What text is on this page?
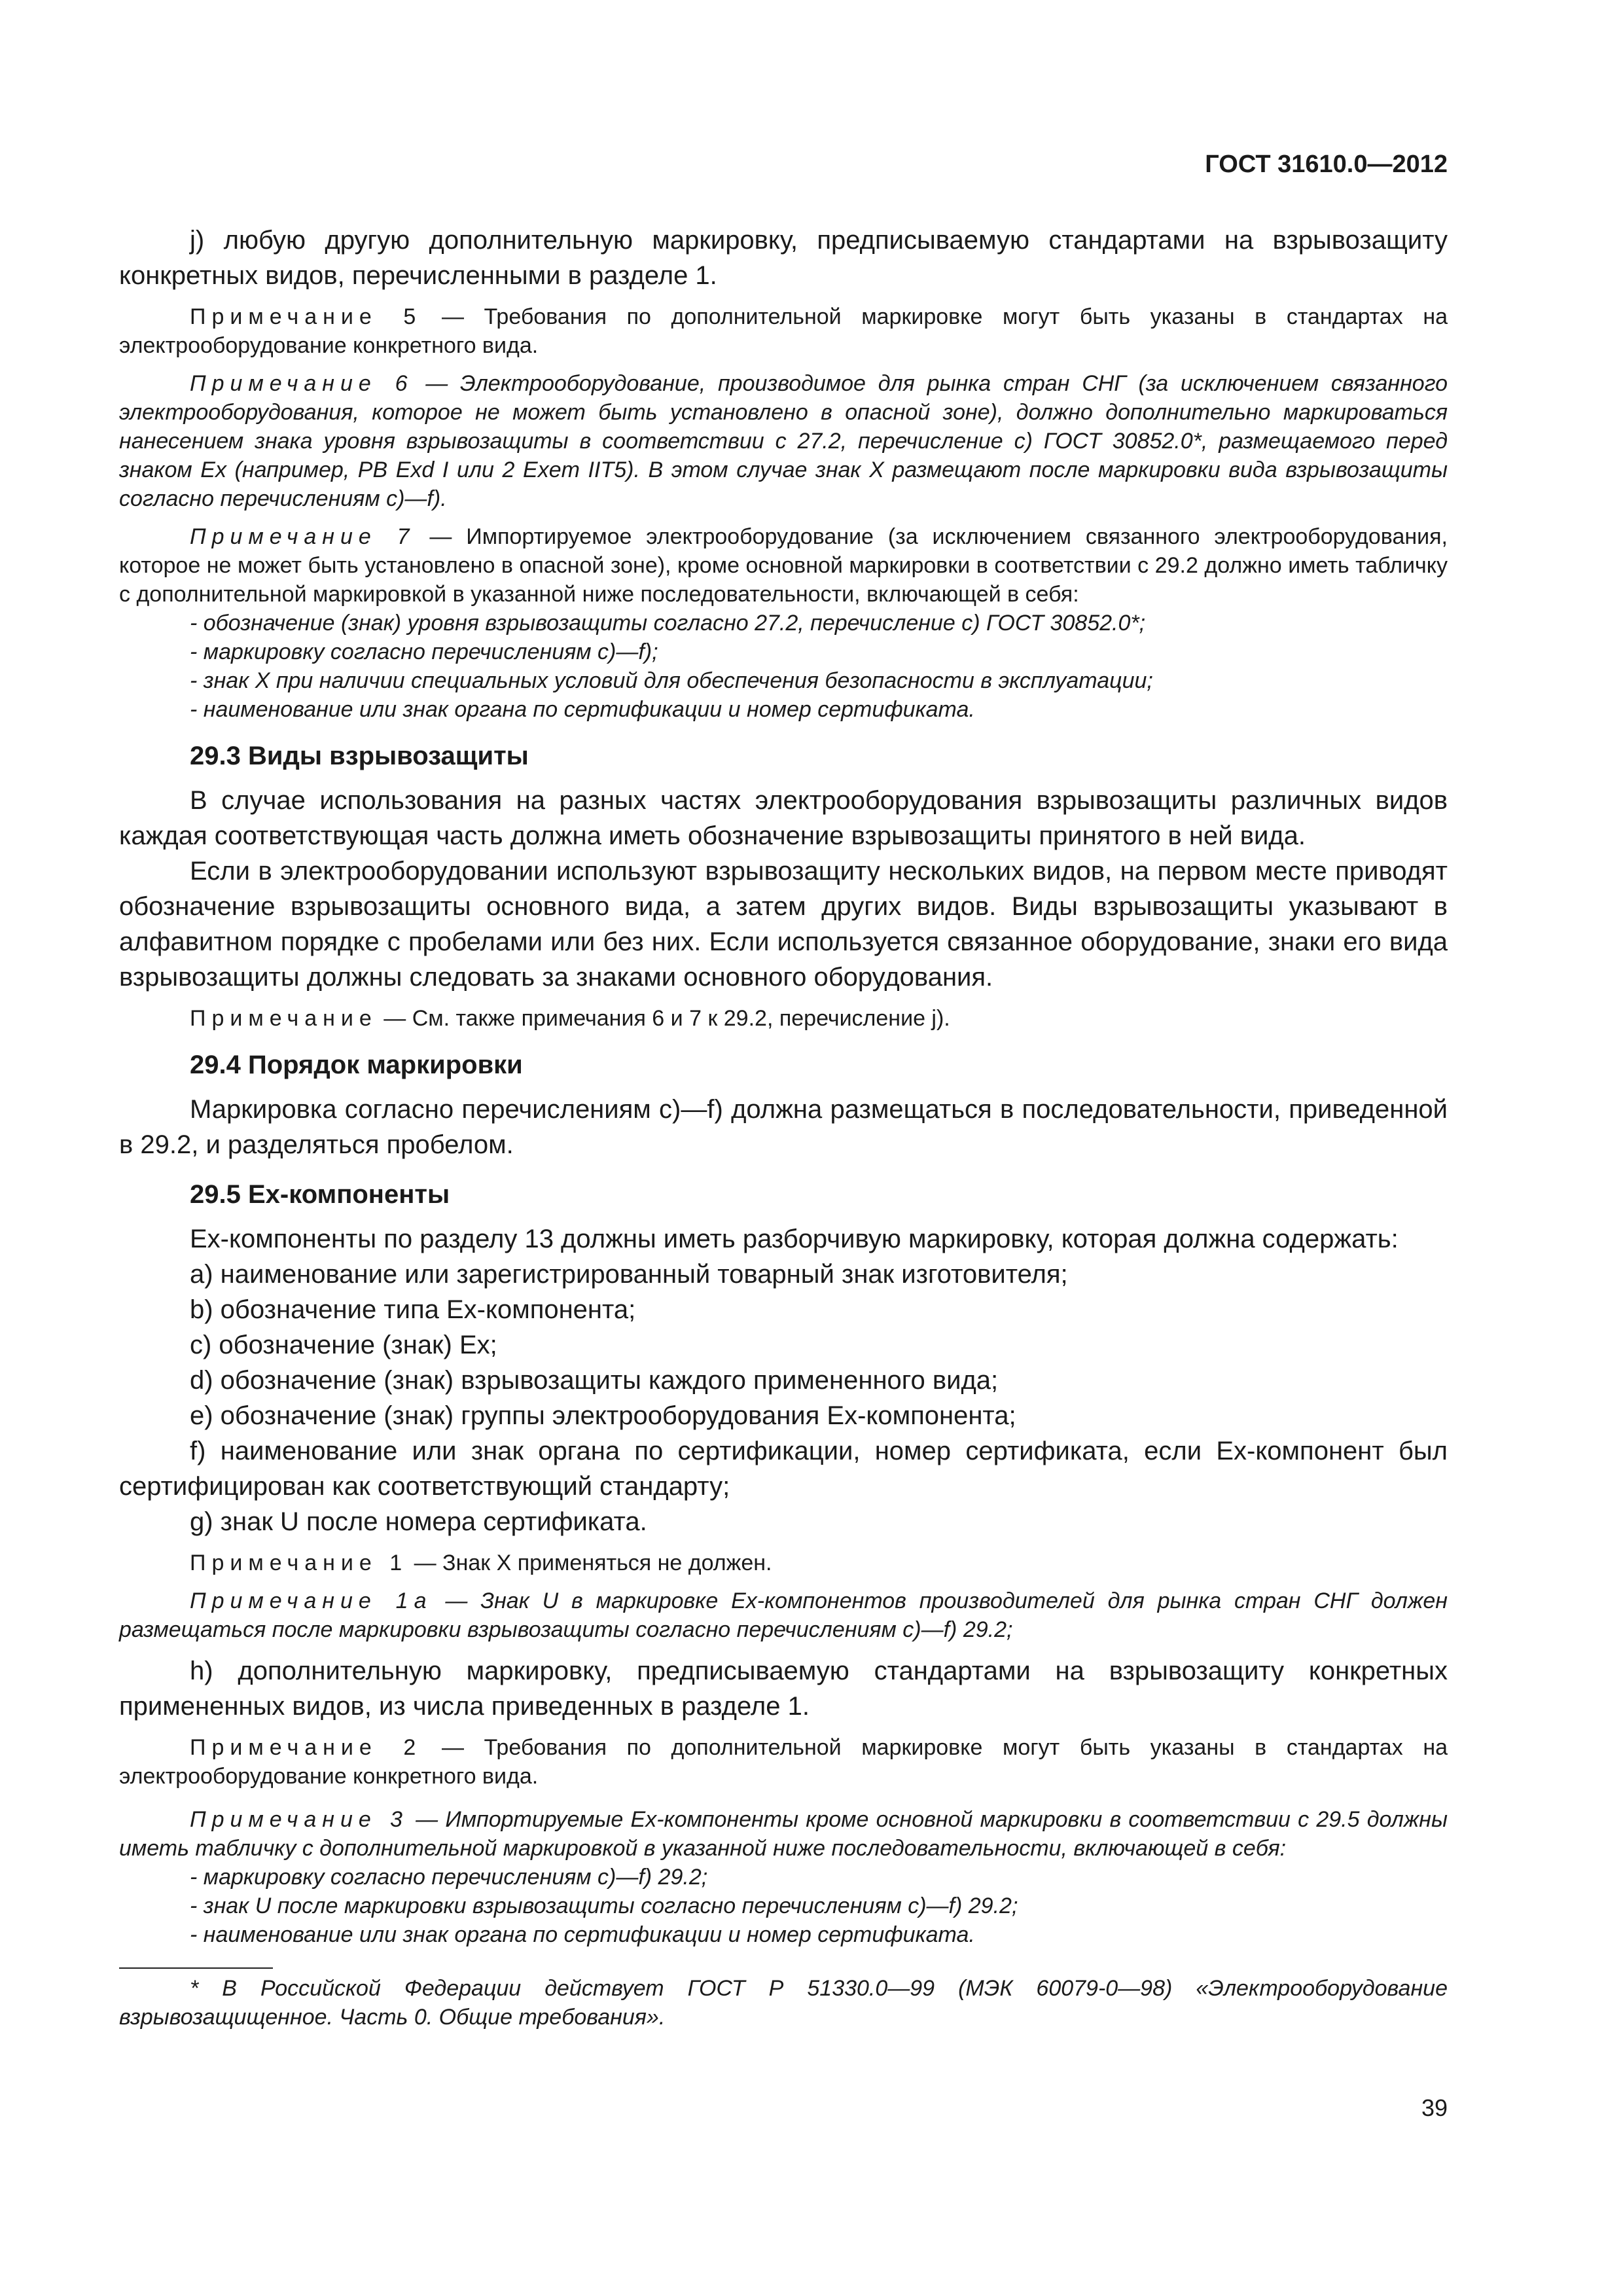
ГОСТ 31610.0—2012

j) любую другую дополнительную маркировку, предписываемую стандартами на взрывозащиту конкретных видов, перечисленными в разделе 1.

Примечание 5 — Требования по дополнительной маркировке могут быть указаны в стандартах на электрооборудование конкретного вида.

Примечание 6 — Электрооборудование, производимое для рынка стран СНГ (за исключением связанного электрооборудования, которое не может быть установлено в опасной зоне), должно дополнительно маркироваться нанесением знака уровня взрывозащиты в соответствии с 27.2, перечисление с) ГОСТ 30852.0*, размещаемого перед знаком Ex (например, PB Exd I или 2 Exem IIT5). В этом случае знак X размещают после маркировки вида взрывозащиты согласно перечислениям с)—f).

Примечание 7 — Импортируемое электрооборудование (за исключением связанного электрооборудования, которое не может быть установлено в опасной зоне), кроме основной маркировки в соответствии с 29.2 должно иметь табличку с дополнительной маркировкой в указанной ниже последовательности, включающей в себя:

- обозначение (знак) уровня взрывозащиты согласно 27.2, перечисление с) ГОСТ 30852.0*;

- маркировку согласно перечислениям с)—f);

- знак X при наличии специальных условий для обеспечения безопасности в эксплуатации;

- наименование или знак органа по сертификации и номер сертификата.

29.3 Виды взрывозащиты

В случае использования на разных частях электрооборудования взрывозащиты различных видов каждая соответствующая часть должна иметь обозначение взрывозащиты принятого в ней вида.

Если в электрооборудовании используют взрывозащиту нескольких видов, на первом месте приводят обозначение взрывозащиты основного вида, а затем других видов. Виды взрывозащиты указывают в алфавитном порядке с пробелами или без них. Если используется связанное оборудование, знаки его вида взрывозащиты должны следовать за знаками основного оборудования.

Примечание — См. также примечания 6 и 7 к 29.2, перечисление j).

29.4 Порядок маркировки

Маркировка согласно перечислениям с)—f) должна размещаться в последовательности, приведенной в 29.2, и разделяться пробелом.

29.5 Ex-компоненты

Ex-компоненты по разделу 13 должны иметь разборчивую маркировку, которая должна содержать:

a) наименование или зарегистрированный товарный знак изготовителя;

b) обозначение типа Ex-компонента;

c) обозначение (знак) Ex;

d) обозначение (знак) взрывозащиты каждого примененного вида;

e) обозначение (знак) группы электрооборудования Ex-компонента;

f) наименование или знак органа по сертификации, номер сертификата, если Ex-компонент был сертифицирован как соответствующий стандарту;

g) знак U после номера сертификата.

Примечание 1 — Знак X применяться не должен.

Примечание 1a — Знак U в маркировке Ex-компонентов производителей для рынка стран СНГ должен размещаться после маркировки взрывозащиты согласно перечислениям с)—f) 29.2;

h) дополнительную маркировку, предписываемую стандартами на взрывозащиту конкретных примененных видов, из числа приведенных в разделе 1.

Примечание 2 — Требования по дополнительной маркировке могут быть указаны в стандартах на электрооборудование конкретного вида.

Примечание 3 — Импортируемые Ex-компоненты кроме основной маркировки в соответствии с 29.5 должны иметь табличку с дополнительной маркировкой в указанной ниже последовательности, включающей в себя:

- маркировку согласно перечислениям с)—f) 29.2;

- знак U после маркировки взрывозащиты согласно перечислениям с)—f) 29.2;

- наименование или знак органа по сертификации и номер сертификата.

* В Российской Федерации действует ГОСТ Р 51330.0—99 (МЭК 60079-0—98) «Электрооборудование взрывозащищенное. Часть 0. Общие требования».

39
